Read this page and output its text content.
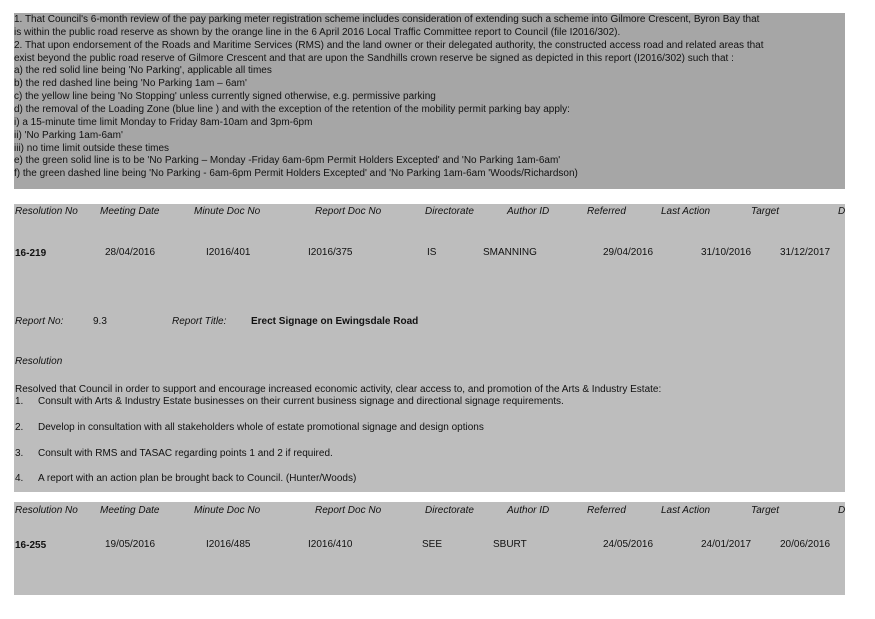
1. That Council's 6-month review of the pay parking meter registration scheme includes consideration of extending such a scheme into Gilmore Crescent, Byron Bay that
is within the public road reserve as shown by the orange line in the 6 April 2016 Local Traffic Committee report to Council (file I2016/302).
2. That upon endorsement of the Roads and Maritime Services (RMS) and the land owner or their delegated authority, the constructed access road and related areas that
exist beyond the public road reserve of Gilmore Crescent and that are upon the Sandhills crown reserve be signed as depicted in this report (I2016/302) such that :
a) the red solid line being 'No Parking', applicable all times
b) the red dashed line being 'No Parking 1am – 6am'
c) the yellow line being 'No Stopping' unless currently signed otherwise, e.g. permissive parking
d) the removal of the Loading Zone (blue line ) and with the exception of the retention of the mobility permit parking bay apply:
i) a 15-minute time limit Monday to Friday 8am-10am and 3pm-6pm
ii) 'No Parking 1am-6am'
iii) no time limit outside these times
e) the green solid line is to be 'No Parking – Monday -Friday 6am-6pm Permit Holders Excepted' and 'No Parking 1am-6am'
f) the green dashed line being 'No Parking - 6am-6pm Permit Holders Excepted' and 'No Parking 1am-6am 'Woods/Richardson)
Resolution No Meeting Date	Minute Doc No	Report Doc No	Directorate	Author ID	Referred	Last Action	Target	D
16-219	28/04/2016	I2016/401	I2016/375	IS	SMANNING	29/04/2016	31/10/2016	31/12/2017
Report No:	9.3	Report Title: Erect Signage on Ewingsdale Road
Resolution
Resolved that Council in order to support and encourage increased economic activity, clear access to, and promotion of the Arts & Industry Estate:
1. Consult with Arts & Industry Estate businesses on their current business signage and directional signage requirements.
2. Develop in consultation with all stakeholders whole of estate promotional signage and design options
3. Consult with RMS and TASAC regarding points 1 and 2 if required.
4. A report with an action plan be brought back to Council. (Hunter/Woods)
Resolution No Meeting Date	Minute Doc No	Report Doc No	Directorate	Author ID	Referred	Last Action	Target	D
16-255	19/05/2016	I2016/485	I2016/410	SEE	SBURT	24/05/2016	24/01/2017	20/06/2016
